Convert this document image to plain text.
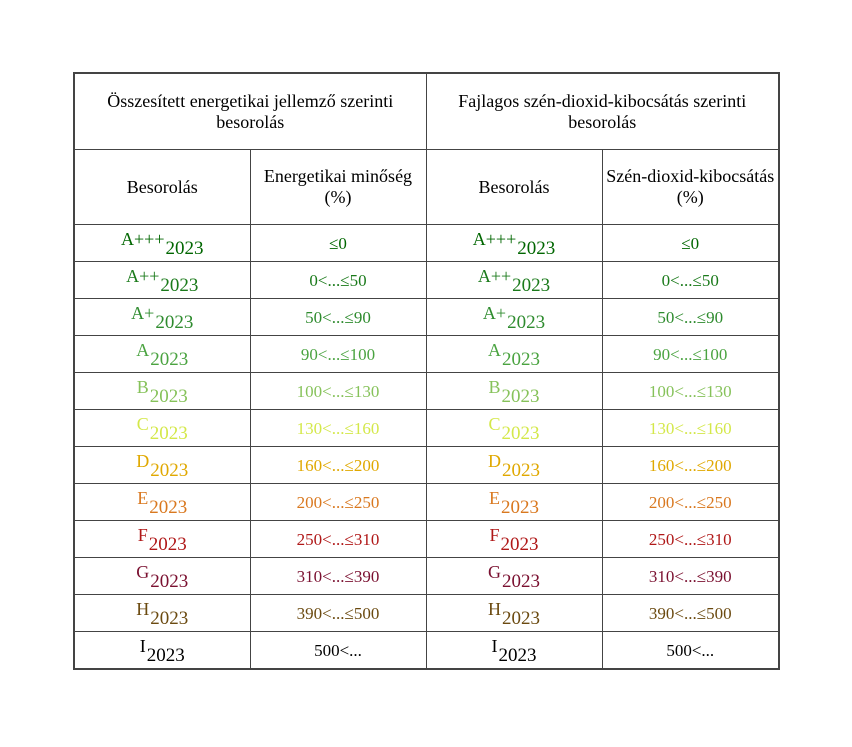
Összesített energetikai jellemző szerinti besorolás		Fajlagos szén-dioxid-kibocsátás szerinti besorolás	
Besorolás	Energetikai minőség (%)	Besorolás	Szén-dioxid-kibocsátás (%)
A+++2023	≤0	A+++2023	≤0
A++2023	0<...≤50	A++2023	0<...≤50
A+2023	50<...≤90	A+2023	50<...≤90
A2023	90<...≤100	A2023	90<...≤100
B2023	100<...≤130	B2023	100<...≤130
C2023	130<...≤160	C2023	130<...≤160
D2023	160<...≤200	D2023	160<...≤200
E2023	200<...≤250	E2023	200<...≤250
F2023	250<...≤310	F2023	250<...≤310
G2023	310<...≤390	G2023	310<...≤390
H2023	390<...≤500	H2023	390<...≤500
I2023	500<...	I2023	500<...
